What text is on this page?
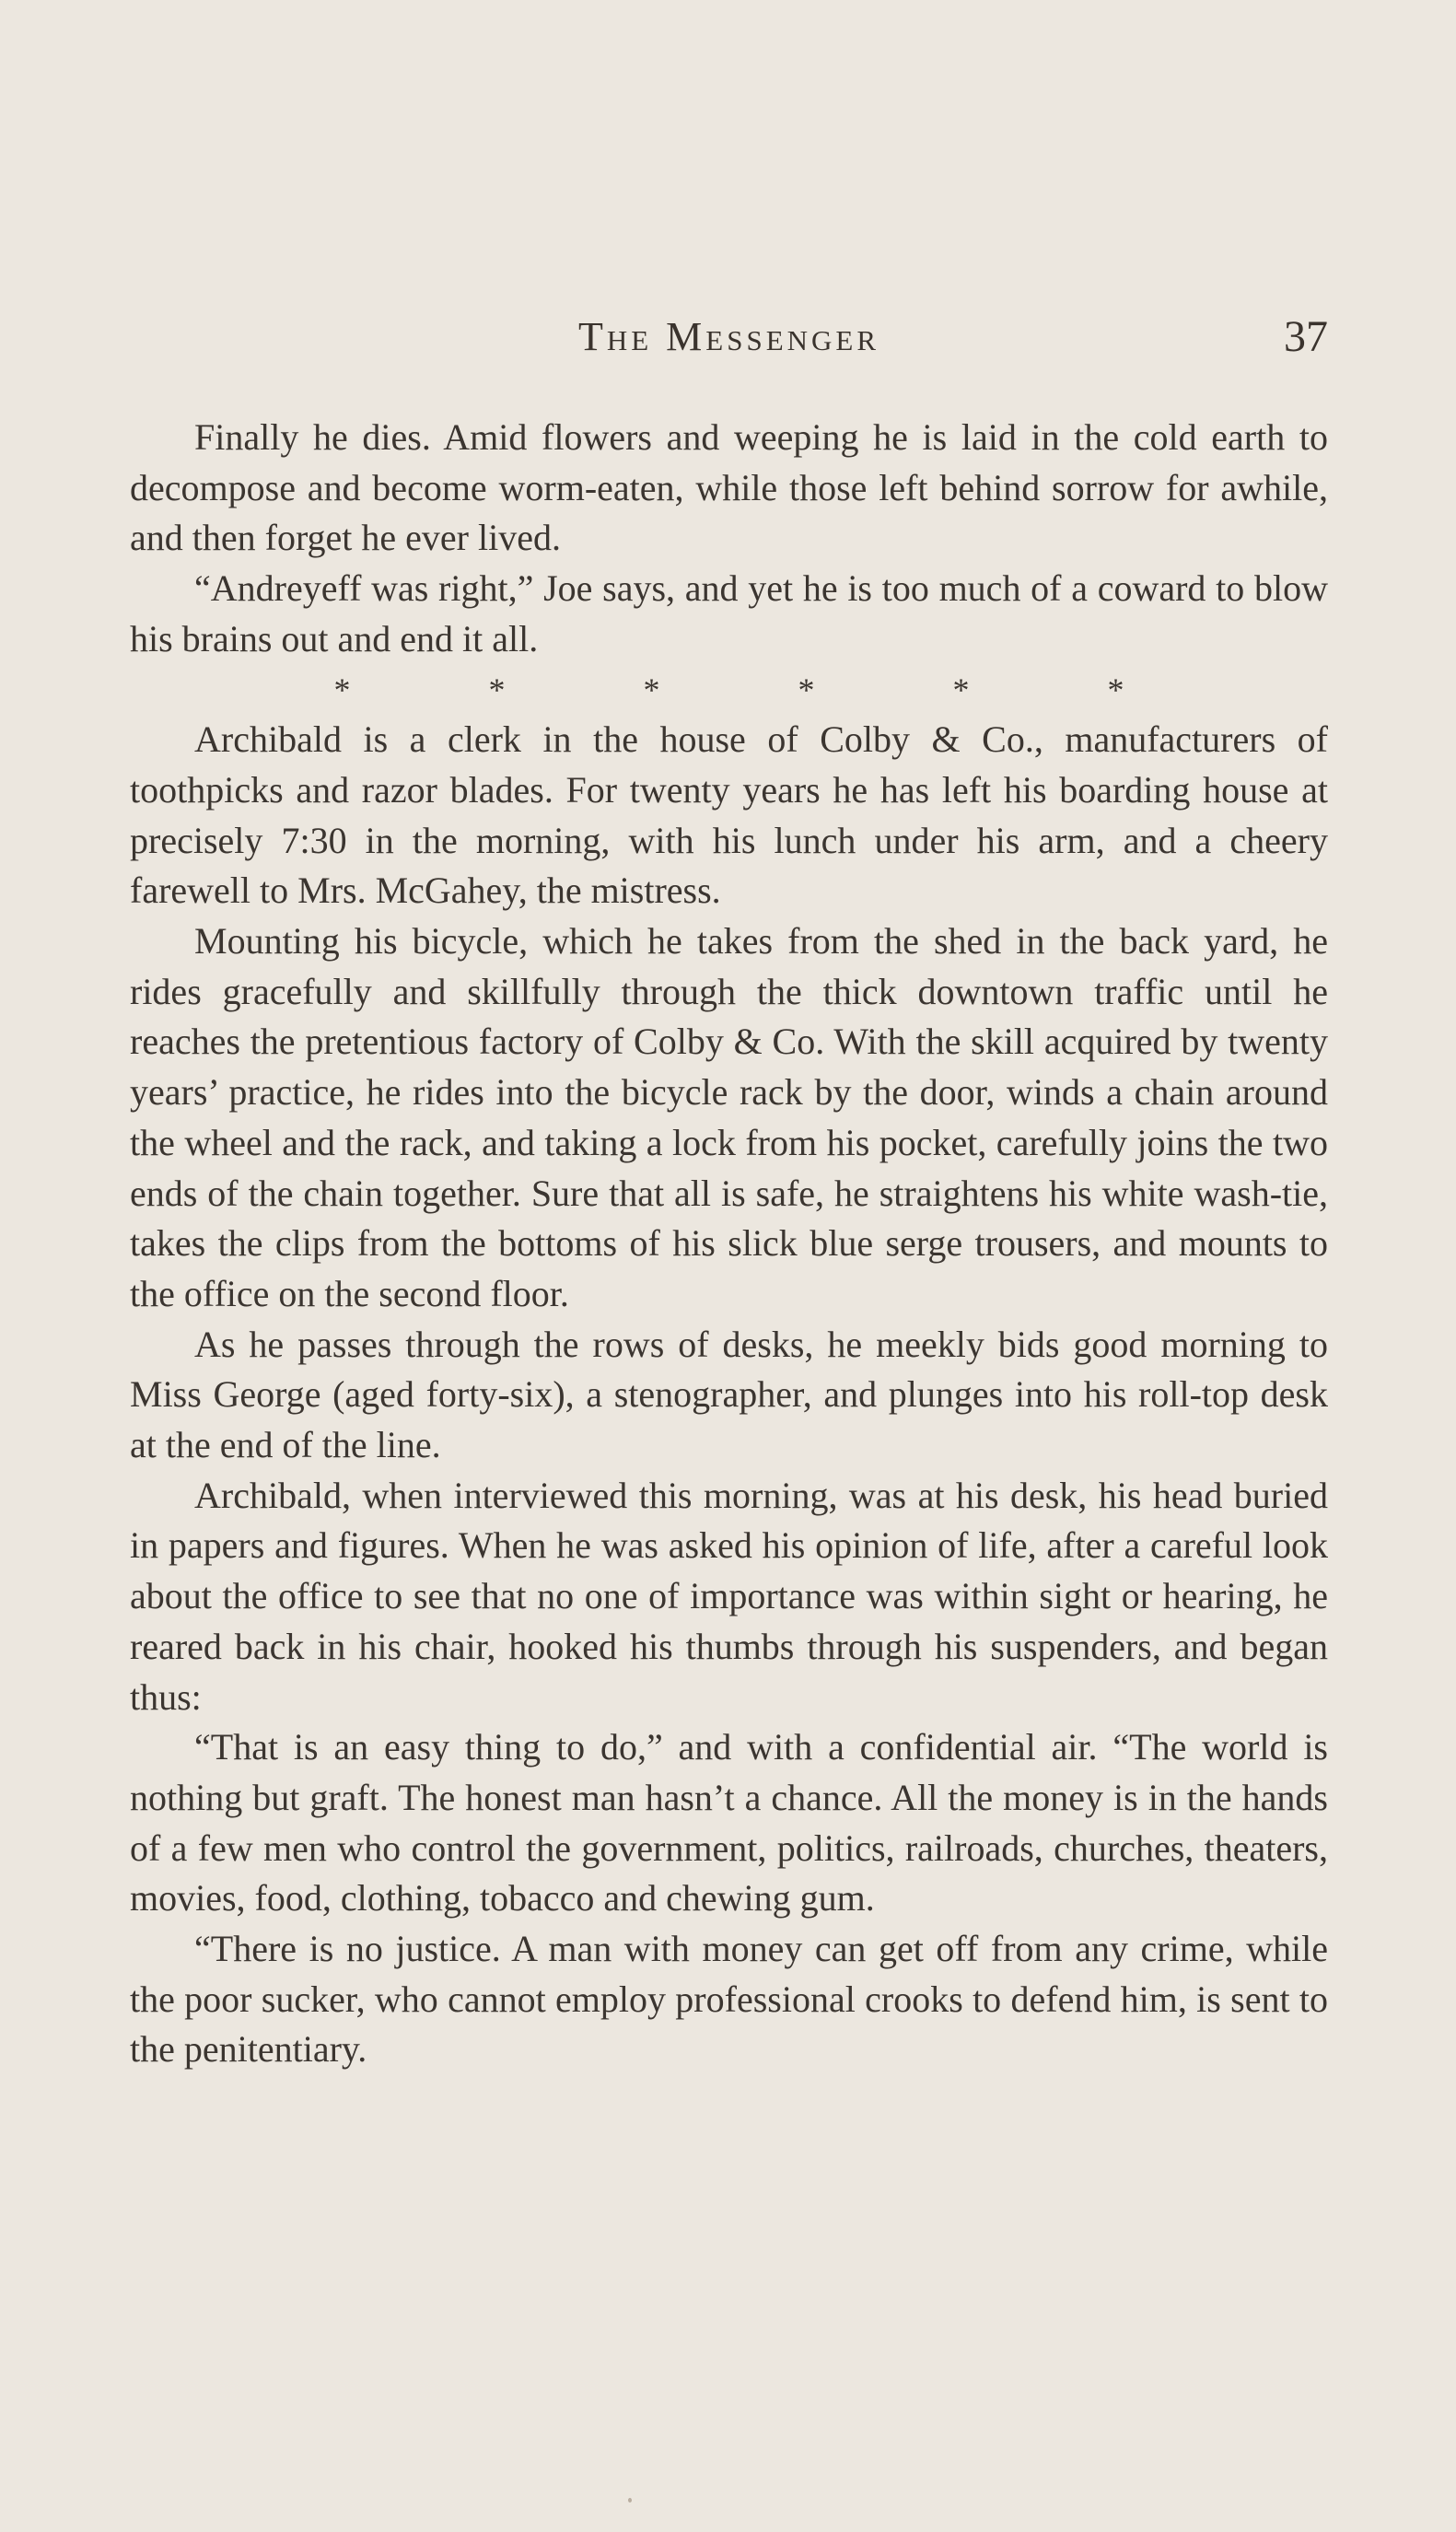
The Messenger	37

Finally he dies. Amid flowers and weeping he is laid in the cold earth to decompose and become worm-eaten, while those left behind sorrow for awhile, and then forget he ever lived.

“Andreyeff was right,” Joe says, and yet he is too much of a coward to blow his brains out and end it all.

*	*	*	*	*	*

Archibald is a clerk in the house of Colby & Co., manufacturers of toothpicks and razor blades. For twenty years he has left his boarding house at precisely 7:30 in the morning, with his lunch under his arm, and a cheery farewell to Mrs. McGahey, the mistress.

Mounting his bicycle, which he takes from the shed in the back yard, he rides gracefully and skillfully through the thick downtown traffic until he reaches the pretentious factory of Colby & Co. With the skill acquired by twenty years’ practice, he rides into the bicycle rack by the door, winds a chain around the wheel and the rack, and taking a lock from his pocket, carefully joins the two ends of the chain together. Sure that all is safe, he straightens his white wash-tie, takes the clips from the bottoms of his slick blue serge trousers, and mounts to the office on the second floor.

As he passes through the rows of desks, he meekly bids good morning to Miss George (aged forty-six), a stenographer, and plunges into his roll-top desk at the end of the line.

Archibald, when interviewed this morning, was at his desk, his head buried in papers and figures. When he was asked his opinion of life, after a careful look about the office to see that no one of importance was within sight or hearing, he reared back in his chair, hooked his thumbs through his suspenders, and began thus:

“That is an easy thing to do,” and with a confidential air. “The world is nothing but graft. The honest man hasn’t a chance. All the money is in the hands of a few men who control the government, politics, railroads, churches, theaters, movies, food, clothing, tobacco and chewing gum.

“There is no justice. A man with money can get off from any crime, while the poor sucker, who cannot employ professional crooks to defend him, is sent to the penitentiary.
